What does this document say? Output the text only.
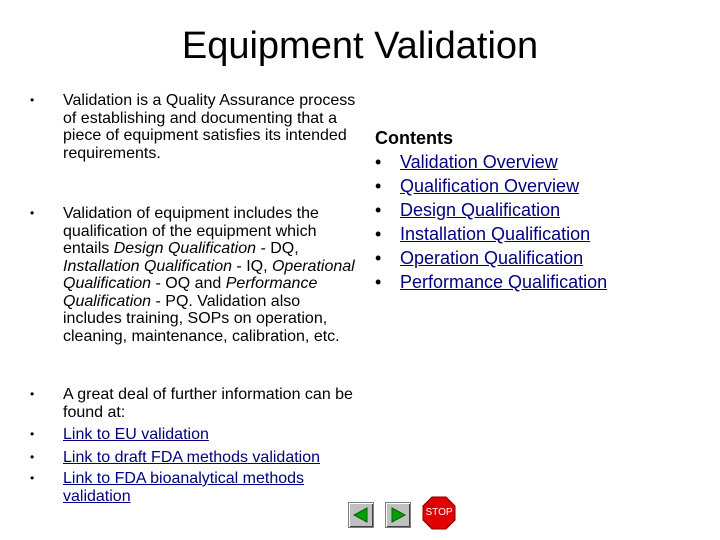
Equipment Validation
•	Validation is a Quality Assurance process of establishing and documenting that a piece of equipment satisfies its intended requirements.
•	Validation of equipment includes the qualification of the equipment which entails Design Qualification - DQ, Installation Qualification - IQ, Operational Qualification - OQ and Performance Qualification - PQ. Validation also includes training, SOPs on operation, cleaning, maintenance, calibration, etc.
•	A great deal of further information can be found at:
•	Link to EU validation
•	Link to draft FDA methods validation
•	Link to FDA bioanalytical methods validation
Contents
•	Validation Overview
•	Qualification Overview
•	Design Qualification
•	Installation Qualification
•	Operation Qualification
•	Performance Qualification
STOP
